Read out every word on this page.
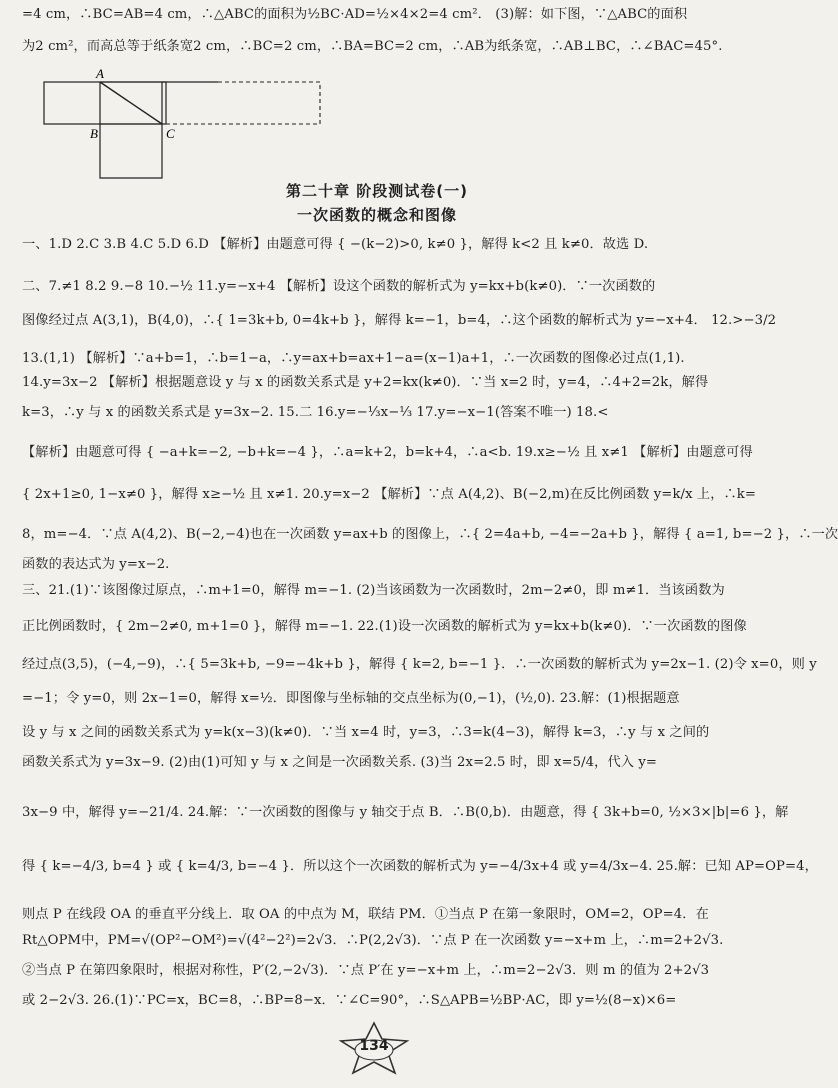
=4 cm，∴BC=AB=4 cm，∴△ABC的面积为½BC·AD=½×4×2=4 cm²． (3)解：如下图，∵△ABC的面积
为2 cm²，而高总等于纸条宽2 cm，∴BC=2 cm，∴BA=BC=2 cm，∴AB为纸条宽，∴AB⊥BC，∴∠BAC=45°.
A
B	C
第二十章 阶段测试卷(一)
一次函数的概念和图像
一、1.D 2.C 3.B 4.C 5.D 6.D 【解析】由题意可得 { −(k−2)>0, k≠0 }，解得 k<2 且 k≠0．故选 D.
二、7.≠1 8.2 9.−8 10.−½ 11.y=−x+4 【解析】设这个函数的解析式为 y=kx+b(k≠0)．∵一次函数的
图像经过点 A(3,1)，B(4,0)，∴{ 1=3k+b, 0=4k+b }，解得 k=−1，b=4，∴这个函数的解析式为 y=−x+4． 12.>−3/2
13.(1,1) 【解析】∵a+b=1，∴b=1−a，∴y=ax+b=ax+1−a=(x−1)a+1，∴一次函数的图像必过点(1,1).
14.y=3x−2 【解析】根据题意设 y 与 x 的函数关系式是 y+2=kx(k≠0)．∵当 x=2 时，y=4，∴4+2=2k，解得
k=3，∴y 与 x 的函数关系式是 y=3x−2. 15.二 16.y=−⅓x−⅓ 17.y=−x−1(答案不唯一) 18.<
【解析】由题意可得 { −a+k=−2, −b+k=−4 }，∴a=k+2，b=k+4，∴a<b. 19.x≥−½ 且 x≠1 【解析】由题意可得
{ 2x+1≥0, 1−x≠0 }，解得 x≥−½ 且 x≠1. 20.y=x−2 【解析】∵点 A(4,2)、B(−2,m)在反比例函数 y=k/x 上，∴k=
8，m=−4．∵点 A(4,2)、B(−2,−4)也在一次函数 y=ax+b 的图像上，∴{ 2=4a+b, −4=−2a+b }，解得 { a=1, b=−2 }，∴一次
函数的表达式为 y=x−2.
三、21.(1)∵该图像过原点，∴m+1=0，解得 m=−1. (2)当该函数为一次函数时，2m−2≠0，即 m≠1．当该函数为
正比例函数时，{ 2m−2≠0, m+1=0 }，解得 m=−1. 22.(1)设一次函数的解析式为 y=kx+b(k≠0)．∵一次函数的图像
经过点(3,5)，(−4,−9)，∴{ 5=3k+b, −9=−4k+b }，解得 { k=2, b=−1 }．∴一次函数的解析式为 y=2x−1. (2)令 x=0，则 y
=−1；令 y=0，则 2x−1=0，解得 x=½．即图像与坐标轴的交点坐标为(0,−1)，(½,0). 23.解：(1)根据题意
设 y 与 x 之间的函数关系式为 y=k(x−3)(k≠0)．∵当 x=4 时，y=3，∴3=k(4−3)，解得 k=3，∴y 与 x 之间的
函数关系式为 y=3x−9. (2)由(1)可知 y 与 x 之间是一次函数关系. (3)当 2x=2.5 时，即 x=5/4，代入 y=
3x−9 中，解得 y=−21/4. 24.解：∵一次函数的图像与 y 轴交于点 B．∴B(0,b)．由题意，得 { 3k+b=0, ½×3×|b|=6 }，解
得 { k=−4/3, b=4 } 或 { k=4/3, b=−4 }．所以这个一次函数的解析式为 y=−4/3x+4 或 y=4/3x−4. 25.解：已知 AP=OP=4，
则点 P 在线段 OA 的垂直平分线上．取 OA 的中点为 M，联结 PM．①当点 P 在第一象限时，OM=2，OP=4．在
Rt△OPM中，PM=√(OP²−OM²)=√(4²−2²)=2√3．∴P(2,2√3)．∵点 P 在一次函数 y=−x+m 上，∴m=2+2√3.
②当点 P 在第四象限时，根据对称性，P′(2,−2√3)．∵点 P′在 y=−x+m 上，∴m=2−2√3．则 m 的值为 2+2√3
或 2−2√3. 26.(1)∵PC=x，BC=8，∴BP=8−x．∵∠C=90°，∴S△APB=½BP·AC，即 y=½(8−x)×6=
134
